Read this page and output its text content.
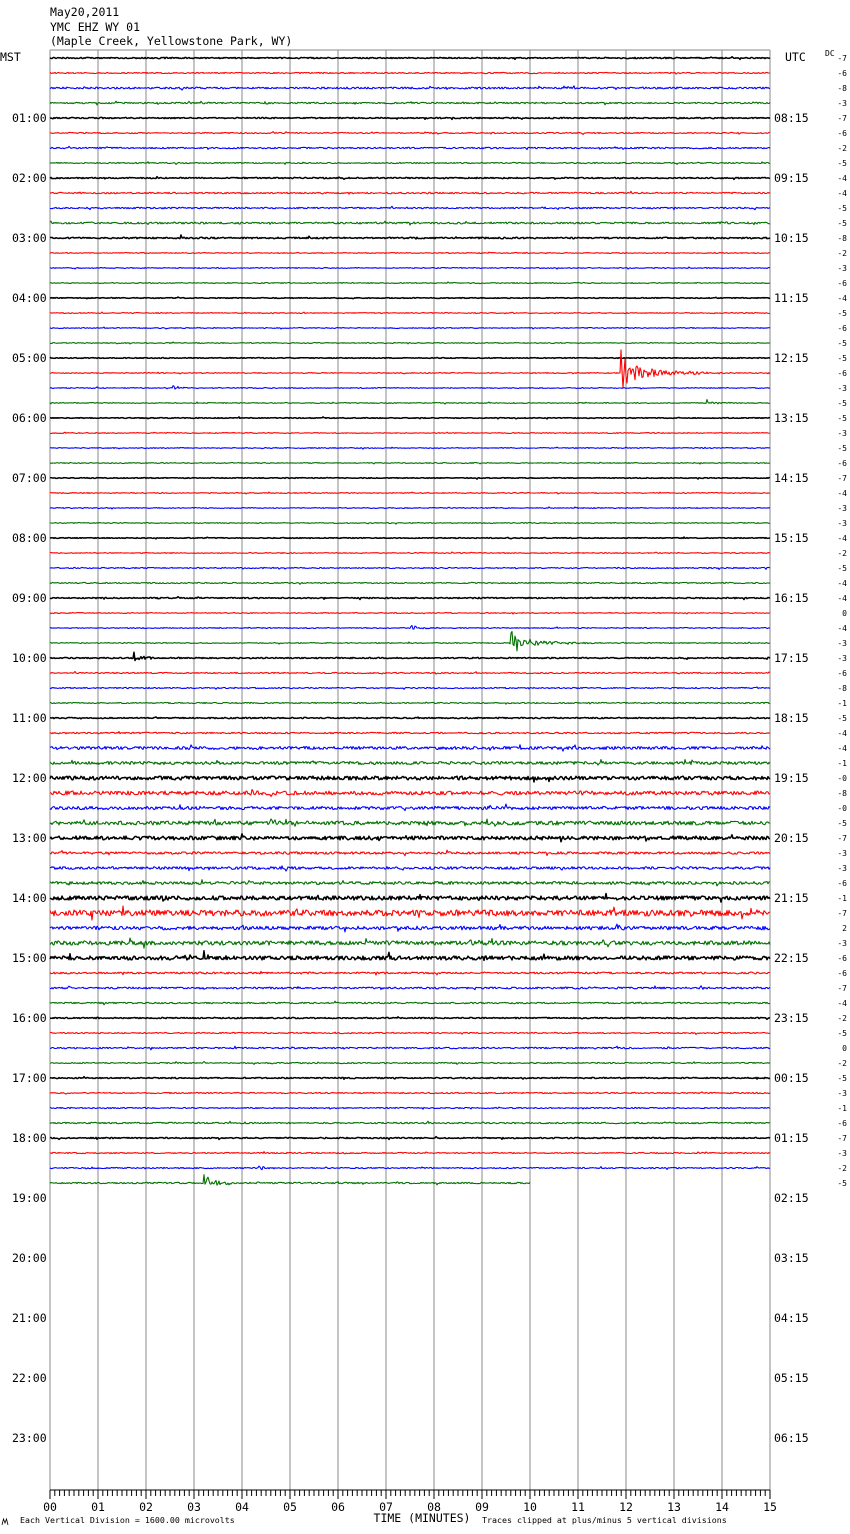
May20,2011
YMC EHZ WY 01
(Maple Creek, Yellowstone Park, WY)
MST	UTC DC
01:00
02:00
03:00
04:00
05:00
06:00
07:00
08:00
09:00
10:00
11:00
12:00
13:00
14:00
15:00
16:00
17:00
18:00
19:00
20:00
21:00
22:00
23:00
08:15
09:15
10:15
11:15
12:15
13:15
14:15
15:15
16:15
17:15
18:15
19:15
20:15
21:15
22:15
23:15
00:15
01:15
02:15
03:15
04:15
05:15
06:15
-7
-6
-8
-3
-7
-6
-2
-5
-4
-4
-5
-5
-8
-2
-3
-6
-4
-5
-6
-5
-5
-6
-3
-5
-5
-3
-5
-6
-7
-4
-3
-3
-4
-2
-5
-4
-4
0
-4
-3
-3
-6
-8
-1
-5
-4
-4
-1
-0
-8
-0
-5
-7
-3
-3
-6
-1
-7
2
-3
-6
-6
-7
-4
-2
-5
0
-2
-5
-3
-1
-6
-7
-3
-2
-5
00	01	02	03	04	05	06	07	08	09	10	11	12	13	14	15
Each Vertical Division = 1600.00 microvolts	TIME (MINUTES) Traces clipped at plus/minus 5 vertical divisions
